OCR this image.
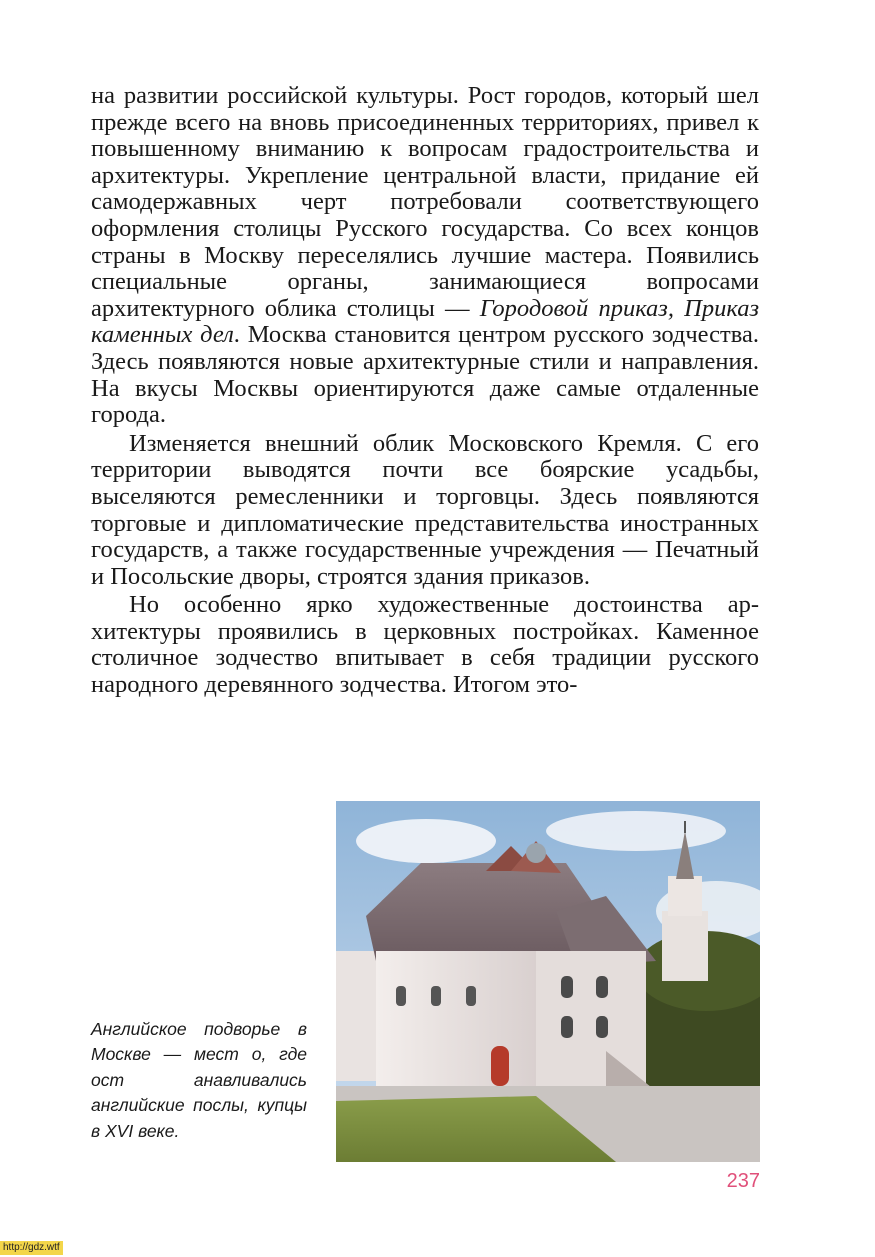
на развитии российской культуры. Рост городов, который шел прежде всего на вновь присоединенных территориях, привел к повышенному вниманию к вопросам градостроительства и архитектуры. Укрепление центральной власти, придание ей самодержавных черт потребовали соответствующего оформления столицы Русского государства. Со всех концов страны в Москву переселялись лучшие мастера. Появились специальные органы, занимающиеся вопросами архитектурного облика столицы — Городовой приказ, Приказ каменных дел. Москва становится центром русского зодчества. Здесь появляются новые архитектурные стили и направления. На вкусы Москвы ориентируются даже самые отдаленные города.

Изменяется внешний облик Московского Кремля. С его территории выводятся почти все боярские усадьбы, выселяются ремесленники и торговцы. Здесь появляются торговые и дипломатические представительства иностранных государств, а также государственные учреждения — Печатный и Посольские дворы, строятся здания приказов.

Но особенно ярко художественные достоинства архитектуры проявились в церковных постройках. Каменное столичное зодчество впитывает в себя традиции русского народного деревянного зодчества. Итогом это-

Английское подворье в Москве — мест о, где ост анавливались английские послы, купцы в XVI веке.
237
http://gdz.wtf
